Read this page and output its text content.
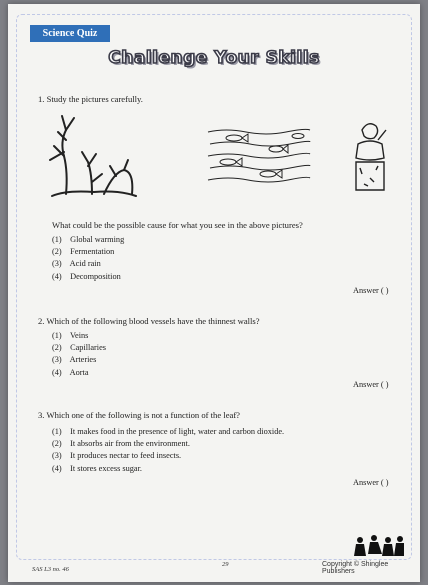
Science Quiz
Challenge Your Skills
1. Study the pictures carefully.
What could be the possible cause for what you see in the above pictures?
(1) Global warming
(2) Fermentation
(3) Acid rain
(4) Decomposition
Answer ( )
2. Which of the following blood vessels have the thinnest walls?
(1) Veins
(2) Capillaries
(3) Arteries
(4) Aorta
Answer ( )
3. Which one of the following is not a function of the leaf?
(1) It makes food in the presence of light, water and carbon dioxide.
(2) It absorbs air from the environment.
(3) It produces nectar to feed insects.
(4) It stores excess sugar.
Answer ( )
SAS L3 no. 46
29	Copyright © Shinglee Publishers
